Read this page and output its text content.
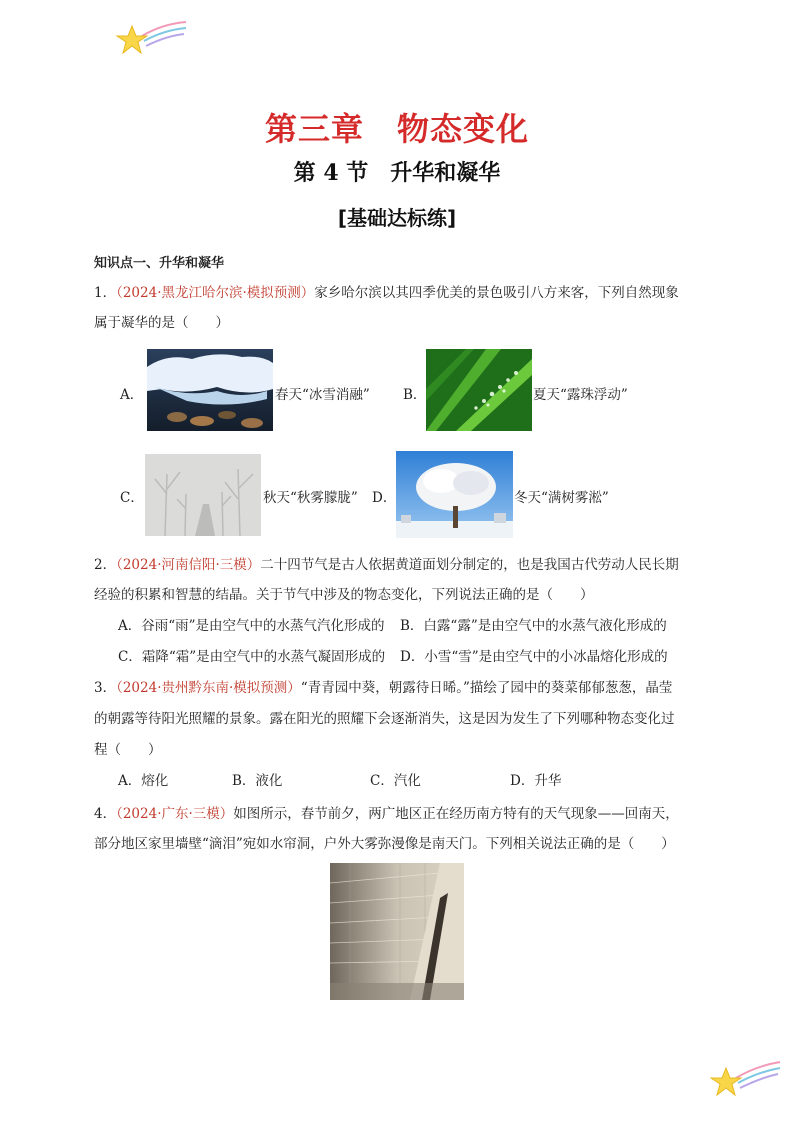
第三章　物态变化
第 4 节　升华和凝华
[基础达标练]
知识点一、升华和凝华
1．（2024·黑龙江哈尔滨·模拟预测）家乡哈尔滨以其四季优美的景色吸引八方来客，下列自然现象
属于凝华的是（　　）
A．	春天“冰雪消融” B．	夏天“露珠浮动”
C．	秋天“秋雾朦胧” D．	冬天“满树雾淞”
2．（2024·河南信阳·三模）二十四节气是古人依据黄道面划分制定的，也是我国古代劳动人民长期
经验的积累和智慧的结晶。关于节气中涉及的物态变化，下列说法正确的是（　　）
A．谷雨“雨”是由空气中的水蒸气汽化形成的 B．白露“露”是由空气中的水蒸气液化形成的
C．霜降“霜”是由空气中的水蒸气凝固形成的 D．小雪“雪”是由空气中的小冰晶熔化形成的
3．（2024·贵州黔东南·模拟预测）“青青园中葵，朝露待日晞。”描绘了园中的葵菜郁郁葱葱，晶莹
的朝露等待阳光照耀的景象。露在阳光的照耀下会逐渐消失，这是因为发生了下列哪种物态变化过
程（　　）
A．熔化	B．液化	C．汽化	D．升华
4．（2024·广东·三模）如图所示，春节前夕，两广地区正在经历南方特有的天气现象——回南天，
部分地区家里墙壁“滴泪”宛如水帘洞，户外大雾弥漫像是南天门。下列相关说法正确的是（　　）
